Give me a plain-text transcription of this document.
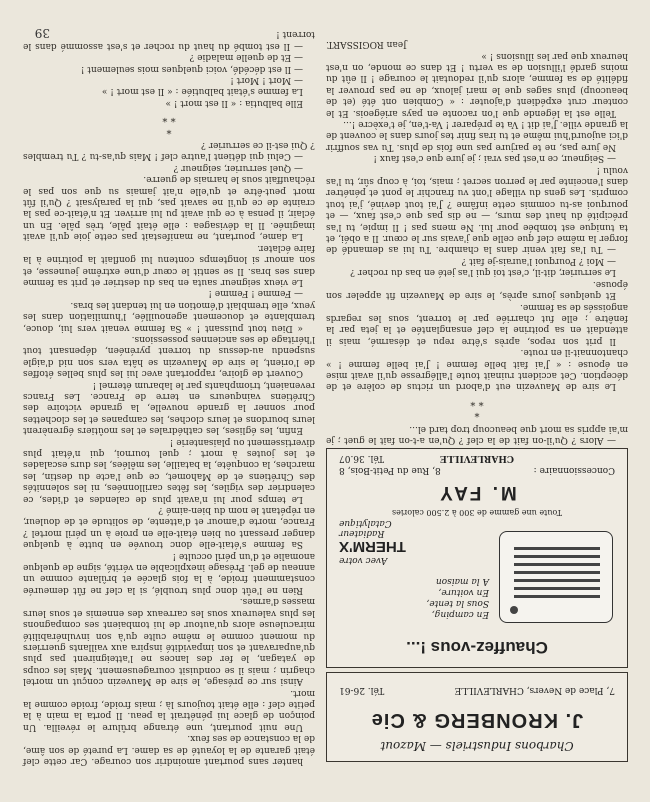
39

hanter sans pourtant amoindrir son courage. Car cette clef était garante de la loyauté de sa dame. La pureté de son âme, de la constance de ses feux.

Une nuit pourtant, une étrange brûlure le réveilla. Un poinçon de glace lui pénétrait la peau. Il porta la main à la petite clef : elle était toujours là ; mais froide, froide comme la mort.

Ainsi sur ce présage, le sire de Mauvezin conçut un mortel chagrin ; mais il se conduisit courageusement. Mais les coups de yatagan, le fer des lances ne l'atteignirent pas plus qu'auparavant et son impavidité inspira aux vaillants guerriers du moment comme le même culte qu'à son invulnérabilité miraculeuse alors qu'autour de lui tombaient ses compagnons les plus valeureux sous les carreaux des ennemis et sous leurs masses d'armes.

Rien ne l'eût donc plus troublé, si la clef ne fût demeurée constamment froide, à la fois glacée et brûlante comme un anneau de gel. Présage inexplicable en vérité, signe de quelque anomalie et d'un péril occulte !

Sa femme s'était-elle donc trouvée en butte à quelque danger pressant ou bien était-elle en proie à un péril mortel ? France, morte d'amour et d'attente, de solitude et de douleur, en répétant le nom du bien-aimé ?

Le temps pour lui n'avait plus de calendes et d'ides, ce calendrier des vigiles, les fêtes carillonnées, ni les solennités des Chrétiens et de Mahomet, ce que l'acte du destin, les marches, la conquête, la bataille, les mêlées, les durs escalades et les joutes à mort ; quel tournoi, qui n'était plus divertissement ou plaisanterie !

Enfin, les églises, les cathédrales et les moûtiers égrenèrent leurs bourdons et leurs cloches, les campanes et les clochettes pour sonner la grande nouvelle, la grande victoire des Chrétiens vainqueurs en terre de France. Les Francs revenaient, triomphants par le labarum éternel !

Couvert de gloire, rapportant avec lui les plus belles étoffes de l'orient, le sire de Mauvezin se hâta vers son nid d'aigle suspendu au-dessus du torrent pyrénéen, dépensant tout l'héritage de ses anciennes possessions.

« Dieu tout puissant ! » Sa femme venait vers lui, douce, tremblante et doucement agenouillée, l'humiliation dans les yeux, elle tremblait d'émotion en lui tendant les bras.

— Femme ! Femme !

Le vieux seigneur sauta en bas du destrier et prit sa femme dans ses bras. Il se sentit le cœur d'une extrême jeunesse, et son amour si longtemps contenu lui gonflait la poitrine à la faire éclater.

La dame, pourtant, ne manifestait pas cette joie qu'il avait imaginée. Il la dévisagea : elle était pâle, très pâle. En un éclair, il pensa à ce qui avait pu lui arriver. Et n'était-ce pas la crainte de ce qu'il ne savait pas, qui la paralysait ? Qu'il fût mort peut-être et qu'elle n'ait jamais su que son pas le réchauffait sous le harnais de guerre.

— Quel serrurier, seigneur ?

— Celui qui détient l'autre clef ! Mais qu'as-tu ? Tu trembles ? Qui est-il ce serrurier ?

*
* *

Elle balbutia : « Il est mort ! »

La femme s'était balbutiée : « Il est mort ! »

— Mort ! Mort !

— Il est décédé, voici quelques mois seulement !

— Et de quelle maladie ?

— Il est tombé du haut du rocher et s'est assommé dans le torrent !

Charbons Industriels — Mazout
J. KRONBERG & Cie
7, Place de Nevers, CHARLEVILLE
Tél. 26-61
Chauffez-vous !...
En camping,
Sous la tente,
En voiture,
A la maison
Avec votre
THERM'X
Radiateur
Catalytique
Toute une gamme de 300 à 2.500 calories
M. FAY
Concessionnaire :
8, Rue du Petit-Bois, 8
CHARLEVILLE
Tél. 36.07

— Alors ? Qu'il-on fait de la clef ? Qu'en a-t-on fait le guet ; je m'ai appris sa mort que beaucoup trop tard el...

*
* *

Le sire de Mauvezin eut d'abord un rictus de colère et de déception. Cet accident ruinait toute l'allégresse qu'il avait mise en épouse : « J'ai fait belle femme ! J'ai belle femme ! » chantonnait-il en route.

Il prit son repos, après s'être repu et désarmé, mais il attendait en sa poitrine la clef ensanglantée et la jeta par la fenêtre ; elle fut charriée par le torrent, sous les regards angoissés de sa femme.

Et quelques jours après, le sire de Mauvezin fit appeler son épouse.

Le serrurier, dit-il, c'est toi qui l'as jeté en bas du rocher ?

— Moi ? Pourquoi l'aurais-je fait ?

— Tu l'as fait venir dans la chambre. Tu lui as demandé de forger la même clef que celle que j'avais sur le cœur. Il a obéi, et ta tunique est tombée pour lui. Ne mens pas ! Il impie, tu l'as précipité du haut des murs, — ne dis pas que c'est faux, — et pourquoi as-tu commis cette infâme ? J'ai tout deviné, j'ai tout compris. Les gens du village l'ont vu franchir le pont et pénétrer dans l'enceinte par le perron secret ; mais, toi, à coup sûr, tu l'as voulu !

— Seigneur, ce n'est pas vrai ; je jure que c'est faux !

Ne jure pas, ne te parjure pas une fois de plus. Tu vas souffrir d'ici aujourd'hui même et tu iras finir tes jours dans le couvent de la grande ville. J'ai dit ! Va te préparer ! Va-t'en, je t'exècre !...

Telle est la légende que l'on raconte en pays ariégeois. Et le conteur crut expédient d'ajouter : « Combien ont été (et de beaucoup) plus sages que le mari jaloux, de ne pas prouver la fidélité de sa femme, alors qu'il redoutait le courage ! Il eût du moins gardé l'illusion de sa vertu ! Et dans ce monde, on n'est heureux que par les illusions ! »

Jean ROGISSART.
